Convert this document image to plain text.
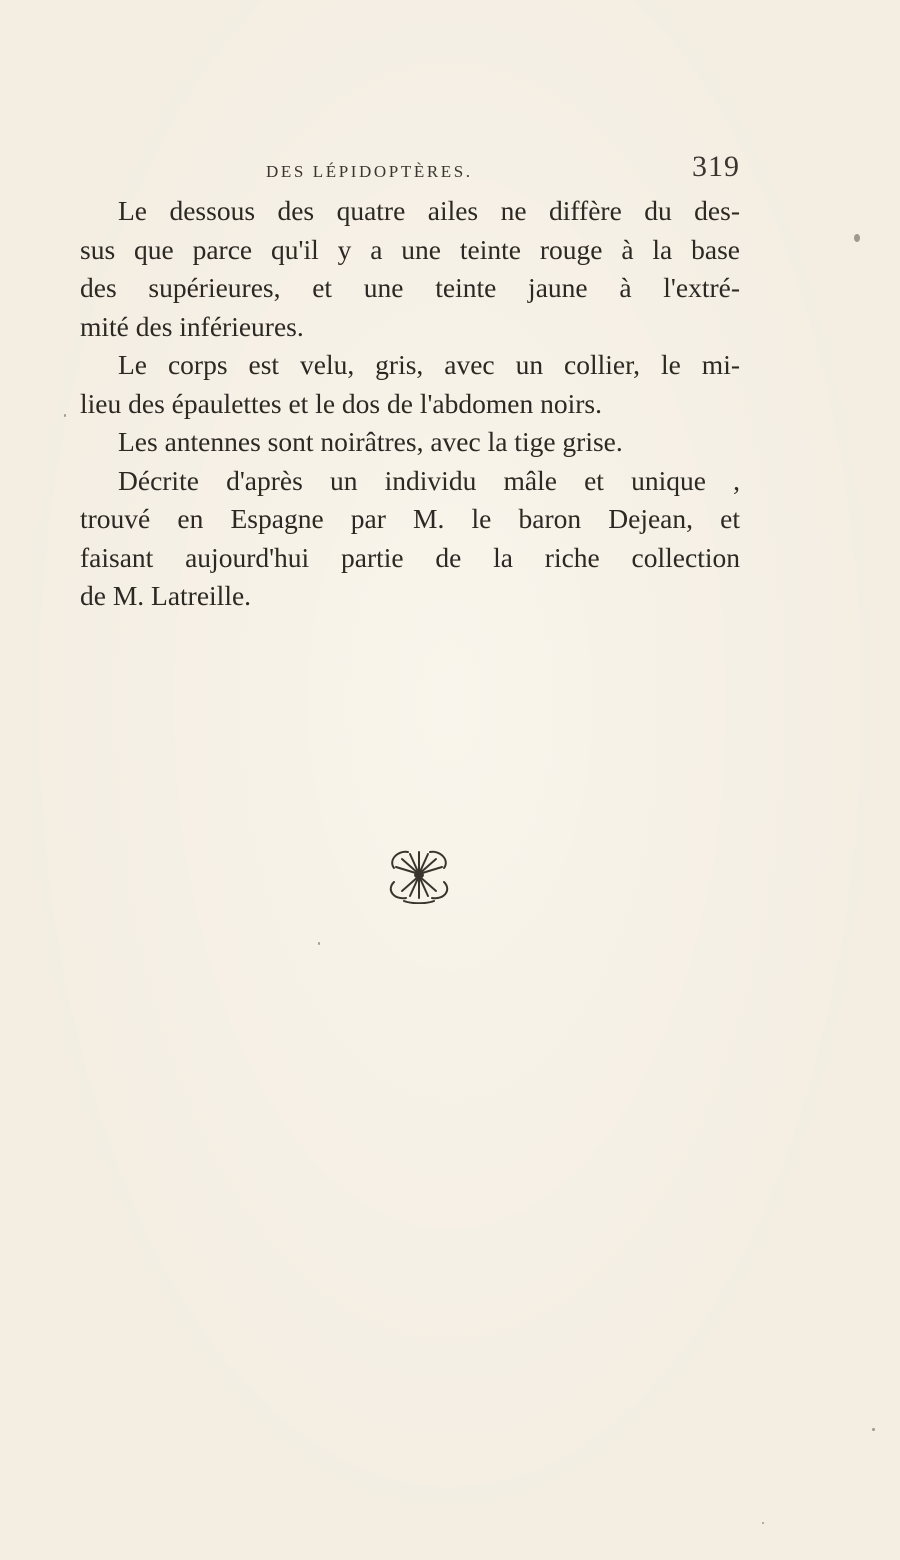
DES LÉPIDOPTÈRES.	319

Le dessous des quatre ailes ne diffère du des-
sus que parce qu'il y a une teinte rouge à la base
des supérieures, et une teinte jaune à l'extré-
mité des inférieures.

Le corps est velu, gris, avec un collier, le mi-
lieu des épaulettes et le dos de l'abdomen noirs.

Les antennes sont noirâtres, avec la tige grise.

Décrite d'après un individu mâle et unique ,
trouvé en Espagne par M. le baron Dejean, et
faisant aujourd'hui partie de la riche collection
de M. Latreille.
